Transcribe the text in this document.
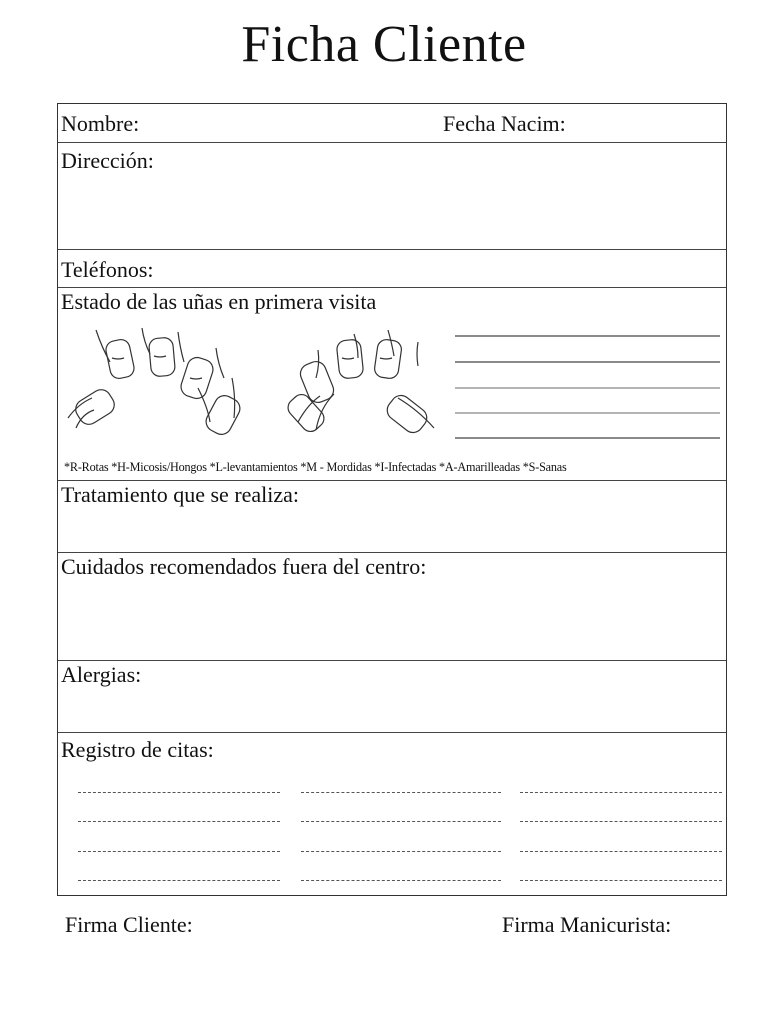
Ficha Cliente
Nombre:	Fecha Nacim:
Dirección:
Teléfonos:
Estado de las uñas en primera visita
*R-Rotas *H-Micosis/Hongos *L-levantamientos *M - Mordidas *I-Infectadas *A-Amarilleadas *S-Sanas
Tratamiento que se realiza:
Cuidados recomendados fuera del centro:
Alergias:
Registro de citas:
Firma Cliente:	Firma Manicurista:
